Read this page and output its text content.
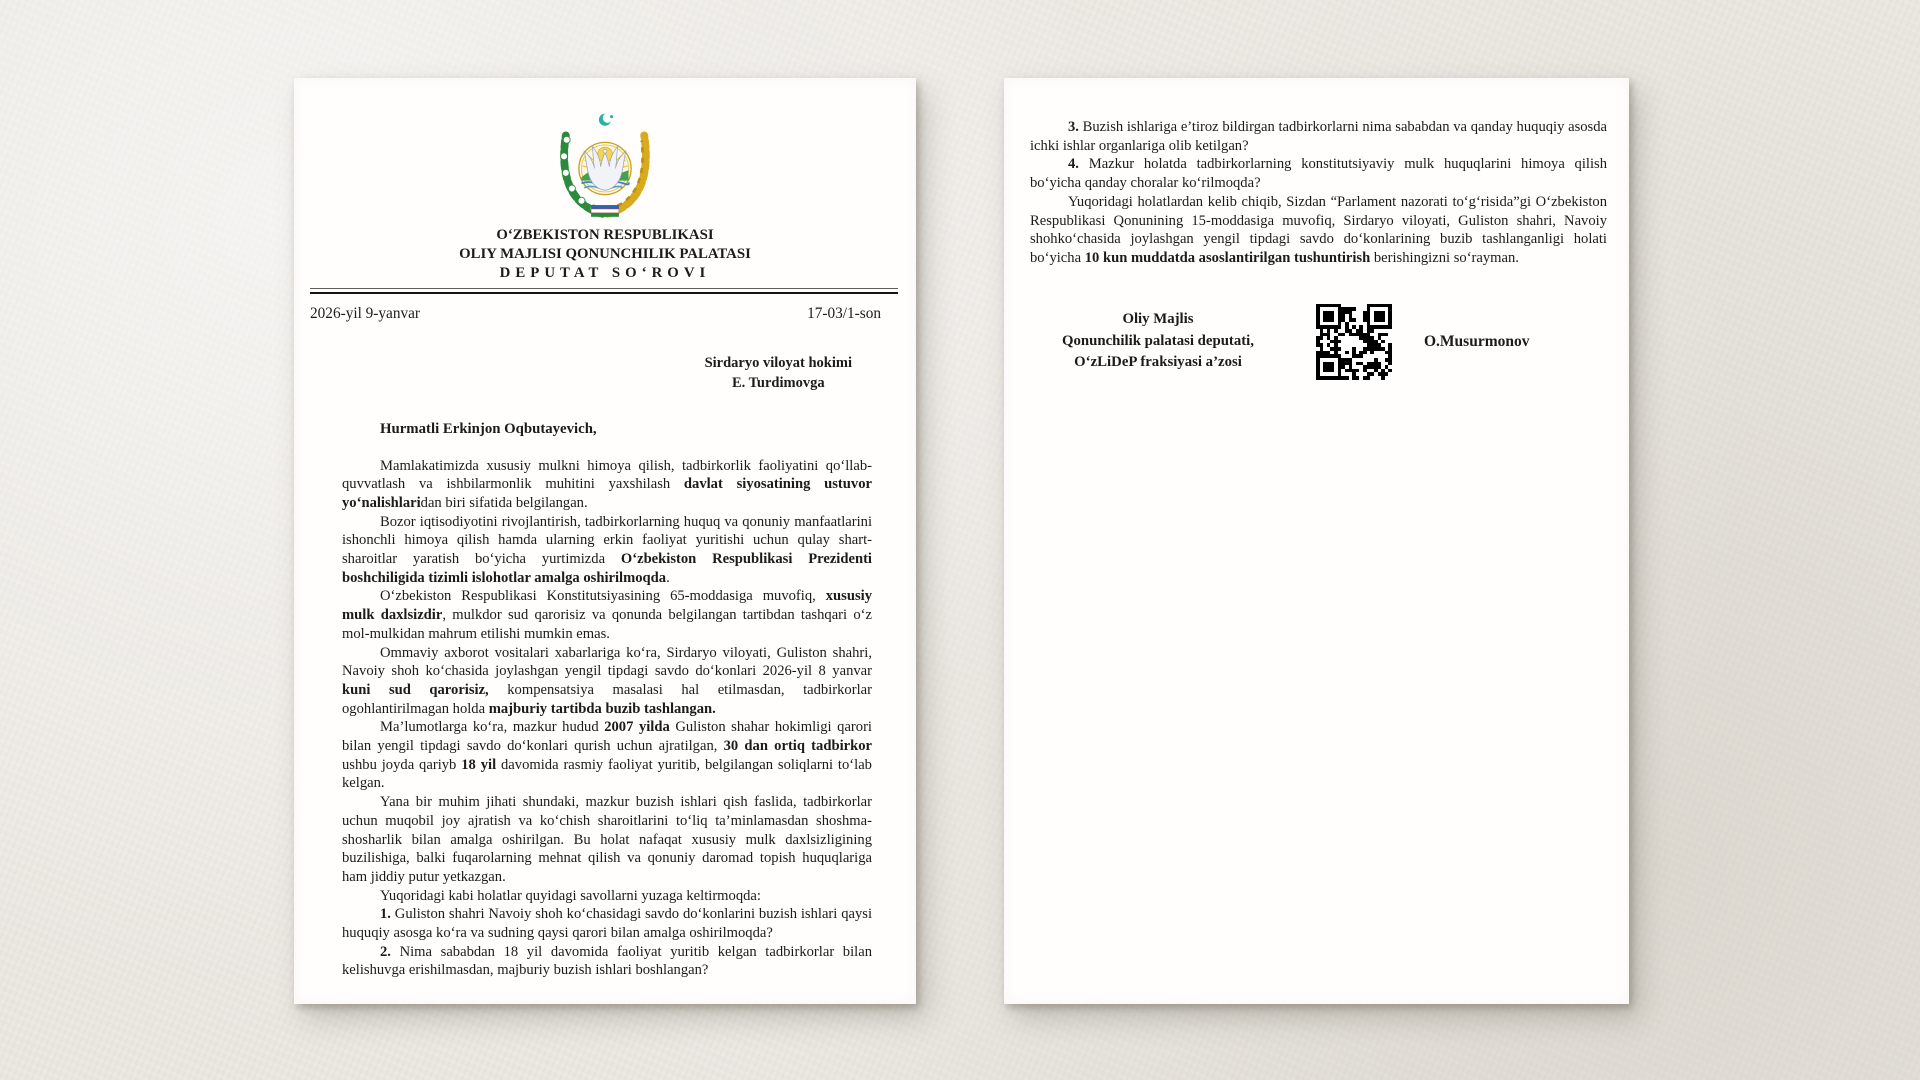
O‘ZBEKISTON RESPUBLIKASI
OLIY MAJLISI QONUNCHILIK PALATASI
DEPUTAT SO‘ROVI
2026-yil 9-yanvar	17-03/1-son
Sirdaryo viloyat hokimi
E. Turdimovga
Hurmatli Erkinjon Oqbutayevich,

Mamlakatimizda xususiy mulkni himoya qilish, tadbirkorlik faoliyatini qo‘llab-quvvatlash va ishbilarmonlik muhitini yaxshilash davlat siyosatining ustuvor yo‘nalishlaridan biri sifatida belgilangan.

Bozor iqtisodiyotini rivojlantirish, tadbirkorlarning huquq va qonuniy manfaatlarini ishonchli himoya qilish hamda ularning erkin faoliyat yuritishi uchun qulay shart-sharoitlar yaratish bo‘yicha yurtimizda O‘zbekiston Respublikasi Prezidenti boshchiligida tizimli islohotlar amalga oshirilmoqda.

O‘zbekiston Respublikasi Konstitutsiyasining 65-moddasiga muvofiq, xususiy mulk daxlsizdir, mulkdor sud qarorisiz va qonunda belgilangan tartibdan tashqari o‘z mol-mulkidan mahrum etilishi mumkin emas.

Ommaviy axborot vositalari xabarlariga ko‘ra, Sirdaryo viloyati, Guliston shahri, Navoiy shoh ko‘chasida joylashgan yengil tipdagi savdo do‘konlari 2026-yil 8 yanvar kuni sud qarorisiz, kompensatsiya masalasi hal etilmasdan, tadbirkorlar ogohlantirilmagan holda majburiy tartibda buzib tashlangan.

Ma’lumotlarga ko‘ra, mazkur hudud 2007 yilda Guliston shahar hokimligi qarori bilan yengil tipdagi savdo do‘konlari qurish uchun ajratilgan, 30 dan ortiq tadbirkor ushbu joyda qariyb 18 yil davomida rasmiy faoliyat yuritib, belgilangan soliqlarni to‘lab kelgan.

Yana bir muhim jihati shundaki, mazkur buzish ishlari qish faslida, tadbirkorlar uchun muqobil joy ajratish va ko‘chish sharoitlarini to‘liq ta’minlamasdan shoshma-shosharlik bilan amalga oshirilgan. Bu holat nafaqat xususiy mulk daxlsizligining buzilishiga, balki fuqarolarning mehnat qilish va qonuniy daromad topish huquqlariga ham jiddiy putur yetkazgan.

Yuqoridagi kabi holatlar quyidagi savollarni yuzaga keltirmoqda:

1. Guliston shahri Navoiy shoh ko‘chasidagi savdo do‘konlarini buzish ishlari qaysi huquqiy asosga ko‘ra va sudning qaysi qarori bilan amalga oshirilmoqda?

2. Nima sababdan 18 yil davomida faoliyat yuritib kelgan tadbirkorlar bilan kelishuvga erishilmasdan, majburiy buzish ishlari boshlangan?

3. Buzish ishlariga e’tiroz bildirgan tadbirkorlarni nima sababdan va qanday huquqiy asosda ichki ishlar organlariga olib ketilgan?

4. Mazkur holatda tadbirkorlarning konstitutsiyaviy mulk huquqlarini himoya qilish bo‘yicha qanday choralar ko‘rilmoqda?

Yuqoridagi holatlardan kelib chiqib, Sizdan “Parlament nazorati to‘g‘risida”gi O‘zbekiston Respublikasi Qonunining 15-moddasiga muvofiq, Sirdaryo viloyati, Guliston shahri, Navoiy shohko‘chasida joylashgan yengil tipdagi savdo do‘konlarining buzib tashlanganligi holati bo‘yicha 10 kun muddatda asoslantirilgan tushuntirish berishingizni so‘rayman.

Oliy Majlis
Qonunchilik palatasi deputati,
O‘zLiDeP fraksiyasi a’zosi
O.Musurmonov
